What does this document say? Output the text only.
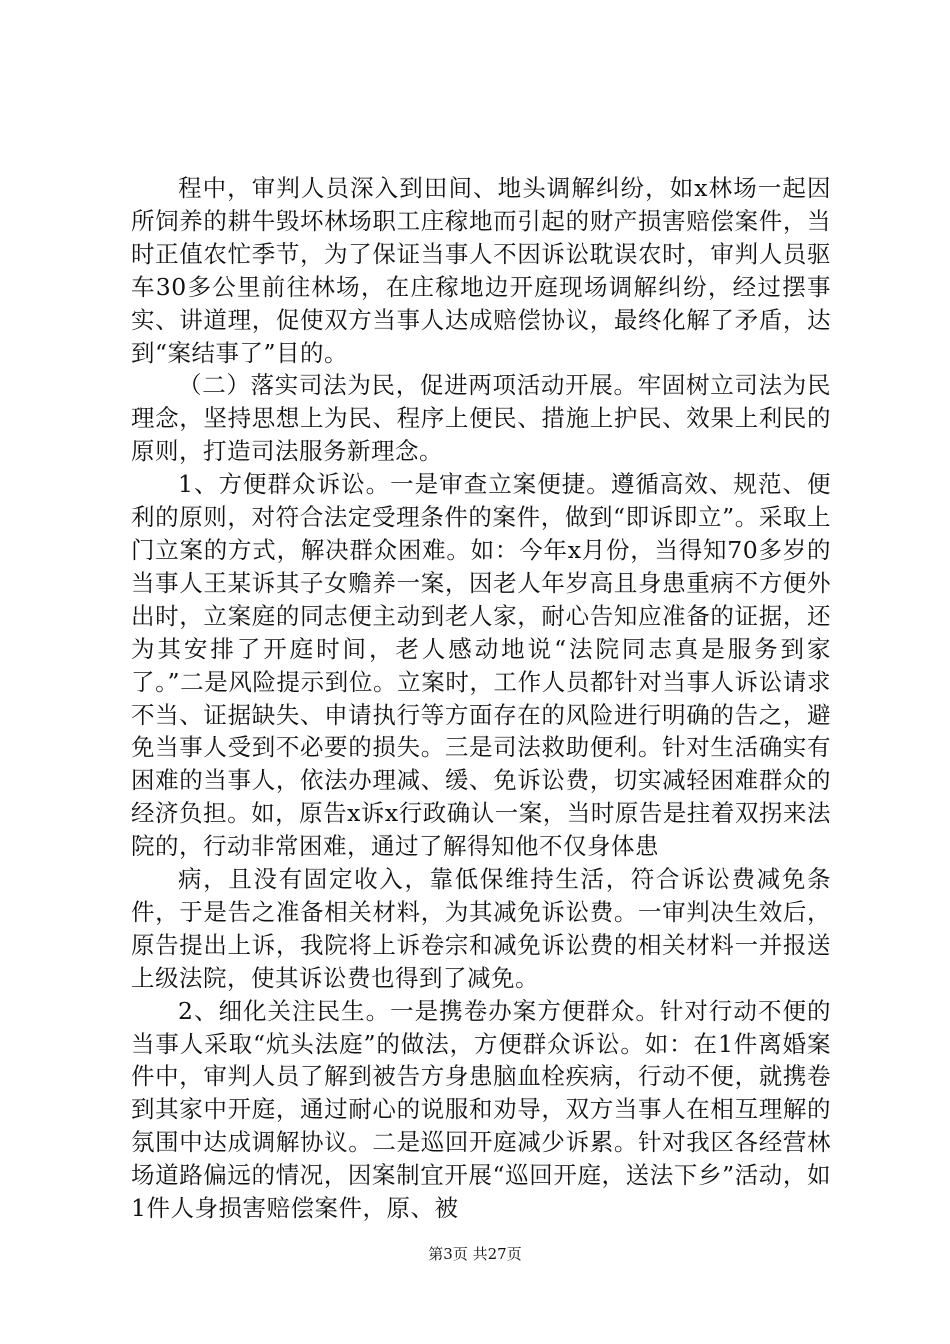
程中，审判人员深入到田间、地头调解纠纷，如x林场一起因所饲养的耕牛毁坏林场职工庄稼地而引起的财产损害赔偿案件，当时正值农忙季节，为了保证当事人不因诉讼耽误农时，审判人员驱车30多公里前往林场，在庄稼地边开庭现场调解纠纷，经过摆事实、讲道理，促使双方当事人达成赔偿协议，最终化解了矛盾，达到“案结事了”目的。

（二）落实司法为民，促进两项活动开展。牢固树立司法为民理念，坚持思想上为民、程序上便民、措施上护民、效果上利民的原则，打造司法服务新理念。

1、方便群众诉讼。一是审查立案便捷。遵循高效、规范、便利的原则，对符合法定受理条件的案件，做到“即诉即立”。采取上门立案的方式，解决群众困难。如：今年x月份，当得知70多岁的当事人王某诉其子女赡养一案，因老人年岁高且身患重病不方便外出时，立案庭的同志便主动到老人家，耐心告知应准备的证据，还为其安排了开庭时间，老人感动地说“法院同志真是服务到家了。”二是风险提示到位。立案时，工作人员都针对当事人诉讼请求不当、证据缺失、申请执行等方面存在的风险进行明确的告之，避免当事人受到不必要的损失。三是司法救助便利。针对生活确实有困难的当事人，依法办理减、缓、免诉讼费，切实减轻困难群众的经济负担。如，原告x诉x行政确认一案，当时原告是拄着双拐来法院的，行动非常困难，通过了解得知他不仅身体患

病，且没有固定收入，靠低保维持生活，符合诉讼费减免条件，于是告之准备相关材料，为其减免诉讼费。一审判决生效后，原告提出上诉，我院将上诉卷宗和减免诉讼费的相关材料一并报送上级法院，使其诉讼费也得到了减免。

2、细化关注民生。一是携卷办案方便群众。针对行动不便的当事人采取“炕头法庭”的做法，方便群众诉讼。如：在1件离婚案件中，审判人员了解到被告方身患脑血栓疾病，行动不便，就携卷到其家中开庭，通过耐心的说服和劝导，双方当事人在相互理解的氛围中达成调解协议。二是巡回开庭减少诉累。针对我区各经营林场道路偏远的情况，因案制宜开展“巡回开庭，送法下乡”活动，如1件人身损害赔偿案件，原、被

第3页 共27页
